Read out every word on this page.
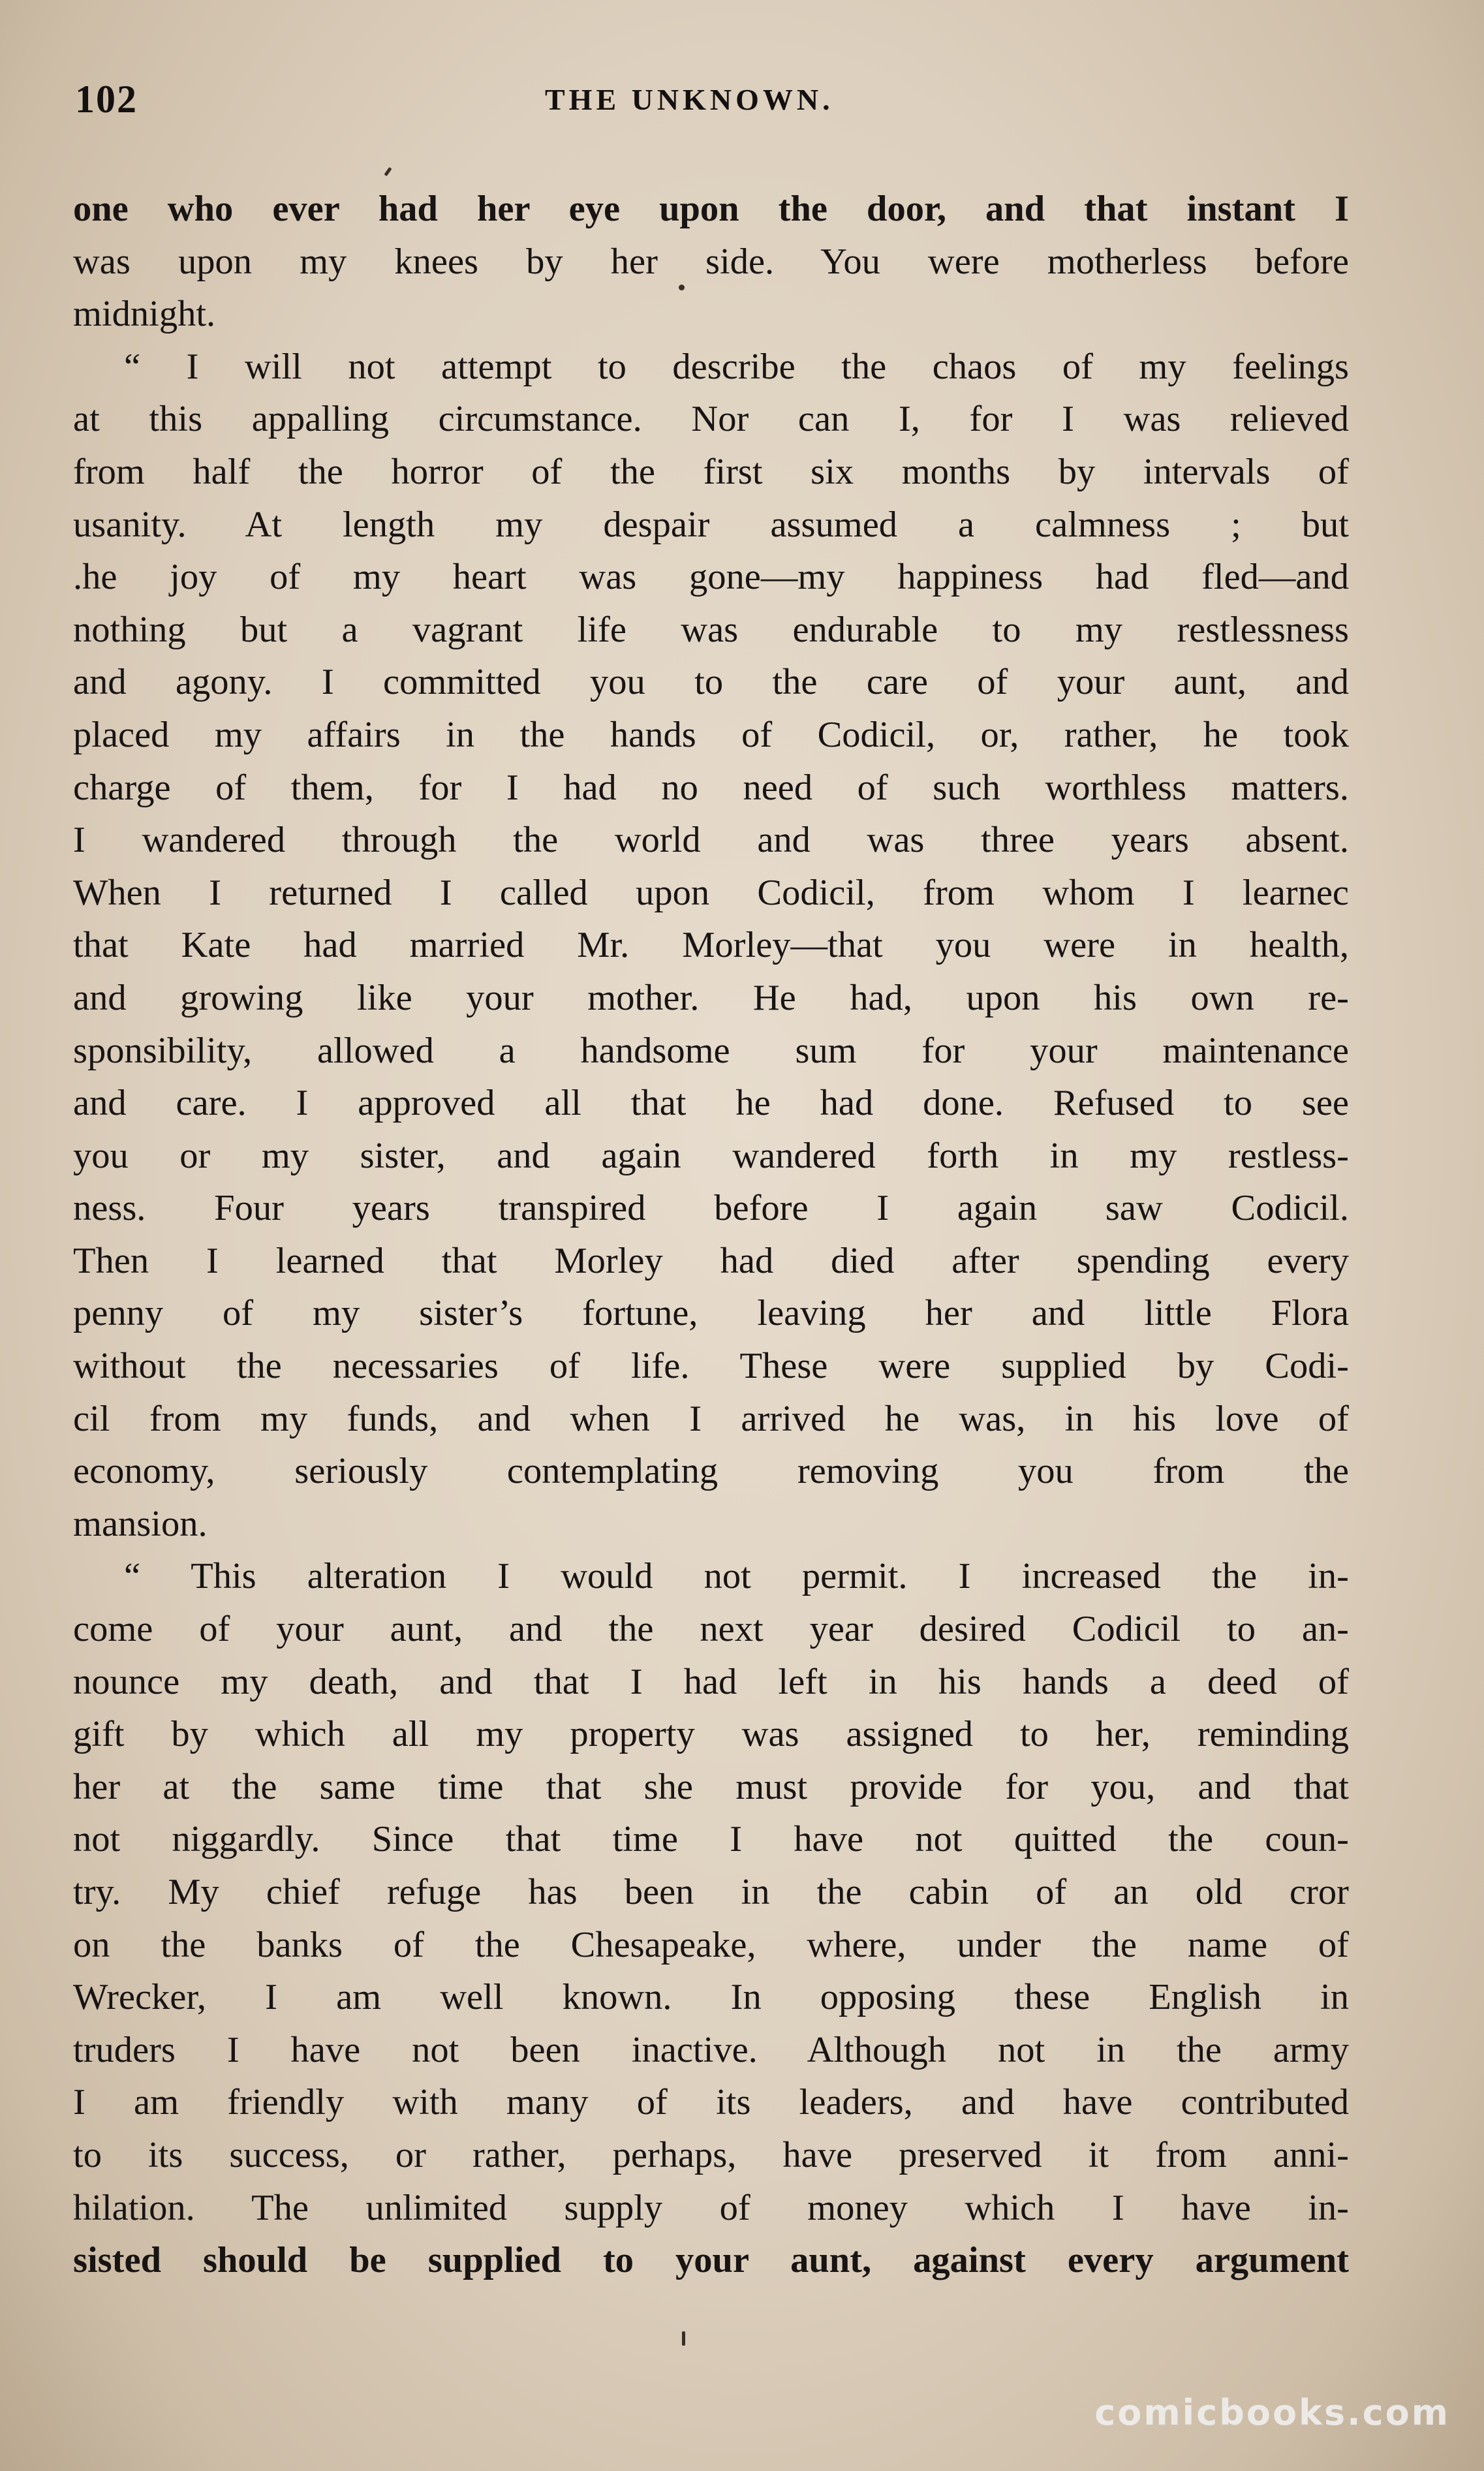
102	THE UNKNOWN.
one who ever had her eye upon the door, and that instant I
was upon my knees by her side. You were motherless before
midnight.
“ I will not attempt to describe the chaos of my feelings
at this appalling circumstance. Nor can I, for I was relieved
from half the horror of the first six months by intervals of
usanity. At length my despair assumed a calmness ; but
.he joy of my heart was gone—my happiness had fled—and
nothing but a vagrant life was endurable to my restlessness
and agony. I committed you to the care of your aunt, and
placed my affairs in the hands of Codicil, or, rather, he took
charge of them, for I had no need of such worthless matters.
I wandered through the world and was three years absent.
When I returned I called upon Codicil, from whom I learnec
that Kate had married Mr. Morley—that you were in health,
and growing like your mother. He had, upon his own re-
sponsibility, allowed a handsome sum for your maintenance
and care. I approved all that he had done. Refused to see
you or my sister, and again wandered forth in my restless-
ness. Four years transpired before I again saw Codicil.
Then I learned that Morley had died after spending every
penny of my sister’s fortune, leaving her and little Flora
without the necessaries of life. These were supplied by Codi-
cil from my funds, and when I arrived he was, in his love of
economy, seriously contemplating removing you from the
mansion.
“ This alteration I would not permit. I increased the in-
come of your aunt, and the next year desired Codicil to an-
nounce my death, and that I had left in his hands a deed of
gift by which all my property was assigned to her, reminding
her at the same time that she must provide for you, and that
not niggardly. Since that time I have not quitted the coun-
try. My chief refuge has been in the cabin of an old cror
on the banks of the Chesapeake, where, under the name of
Wrecker, I am well known. In opposing these English in
truders I have not been inactive. Although not in the army
I am friendly with many of its leaders, and have contributed
to its success, or rather, perhaps, have preserved it from anni-
hilation. The unlimited supply of money which I have in-
sisted should be supplied to your aunt, against every argument
comicbooks.com
